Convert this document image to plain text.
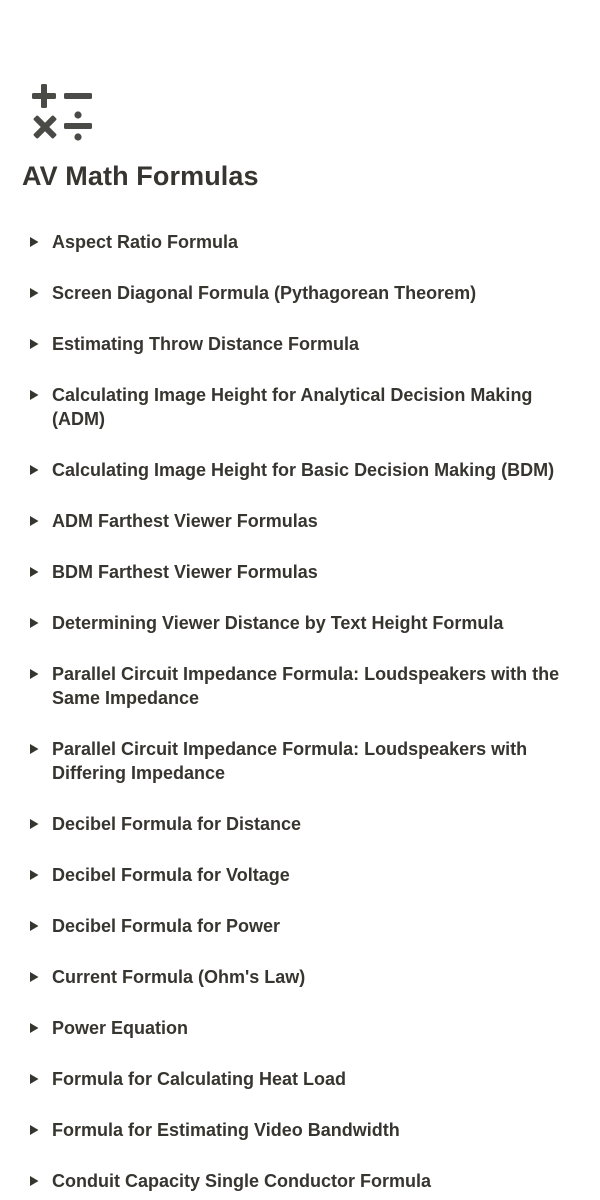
AV Math Formulas
Aspect Ratio Formula
Screen Diagonal Formula (Pythagorean Theorem)
Estimating Throw Distance Formula
Calculating Image Height for Analytical Decision Making (ADM)
Calculating Image Height for Basic Decision Making (BDM)
ADM Farthest Viewer Formulas
BDM Farthest Viewer Formulas
Determining Viewer Distance by Text Height Formula
Parallel Circuit Impedance Formula: Loudspeakers with the Same Impedance
Parallel Circuit Impedance Formula: Loudspeakers with Differing Impedance
Decibel Formula for Distance
Decibel Formula for Voltage
Decibel Formula for Power
Current Formula (Ohm's Law)
Power Equation
Formula for Calculating Heat Load
Formula for Estimating Video Bandwidth
Conduit Capacity Single Conductor Formula
